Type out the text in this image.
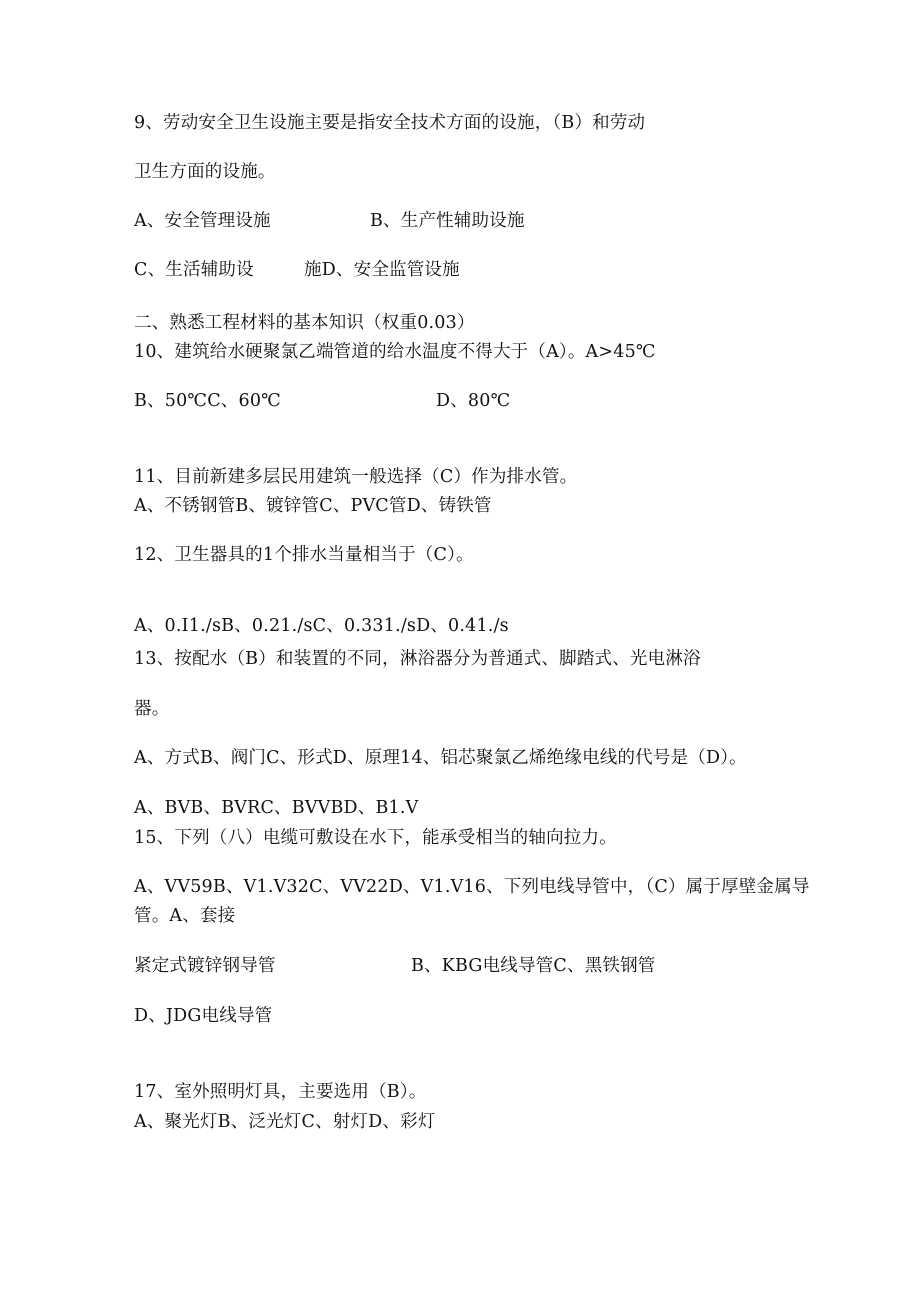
9、劳动安全卫生设施主要是指安全技术方面的设施，（B）和劳动
卫生方面的设施。
A、安全管理设施	B、生产性辅助设施
C、生活辅助设	施D、安全监管设施
二、熟悉工程材料的基本知识（权重0.03）
10、建筑给水硬聚氯乙端管道的给水温度不得大于（A）。A>45℃
B、50℃C、60℃	D、80℃
11、目前新建多层民用建筑一般选择（C）作为排水管。
A、不锈钢管B、镀锌管C、PVC管D、铸铁管
12、卫生器具的1个排水当量相当于（C）。
A、0.I1./sB、0.21./sC、0.331./sD、0.41./s
13、按配水（B）和装置的不同，淋浴器分为普通式、脚踏式、光电淋浴
器。
A、方式B、阀门C、形式D、原理14、铝芯聚氯乙烯绝缘电线的代号是（D）。
A、BVB、BVRC、BVVBD、B1.V
15、下列（八）电缆可敷设在水下，能承受相当的轴向拉力。
A、VV59B、V1.V32C、VV22D、V1.V16、下列电线导管中，（C）属于厚壁金属导
管。A、套接
紧定式镀锌钢导管	B、KBG电线导管C、黑铁钢管
D、JDG电线导管
17、室外照明灯具，主要选用（B）。
A、聚光灯B、泛光灯C、射灯D、彩灯
